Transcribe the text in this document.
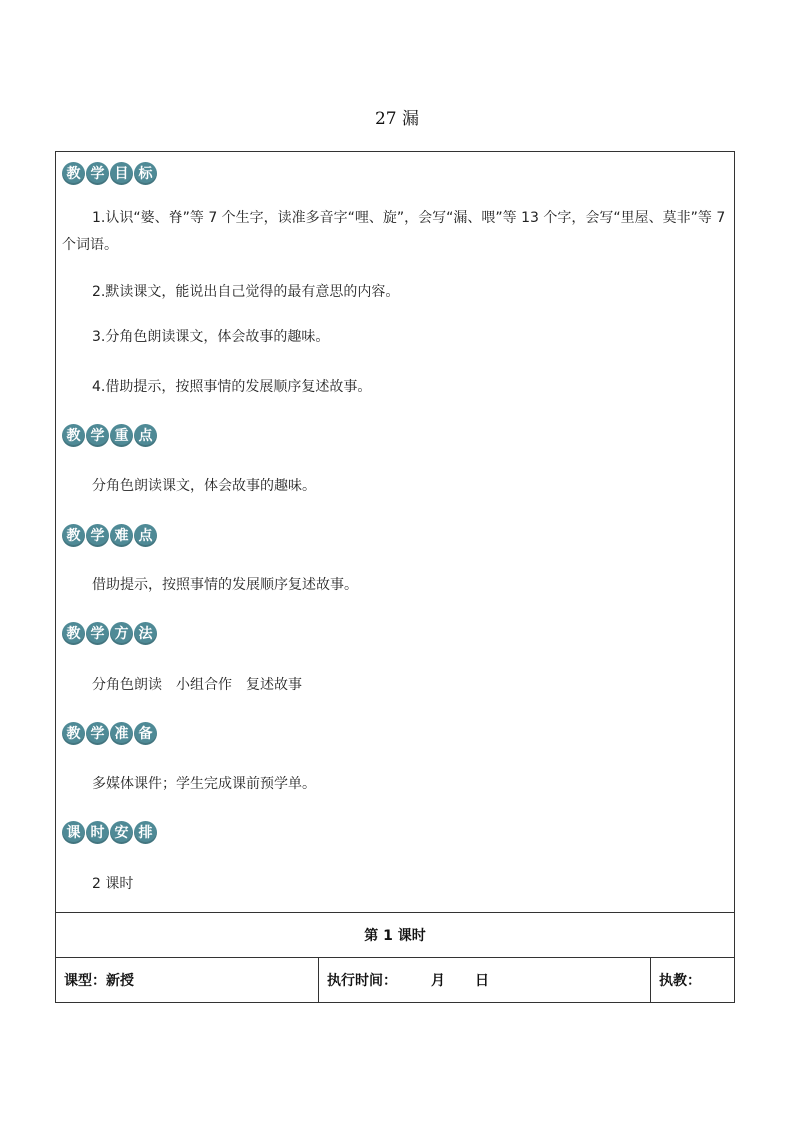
27 漏
教 学 目 标
1.认识“婆、脊”等 7 个生字，读准多音字“哩、旋”，会写“漏、喂”等 13 个字，会写“里屋、莫非”等 7 个词语。
2.默读课文，能说出自己觉得的最有意思的内容。
3.分角色朗读课文，体会故事的趣味。
4.借助提示，按照事情的发展顺序复述故事。
教 学 重 点
分角色朗读课文，体会故事的趣味。
教 学 难 点
借助提示，按照事情的发展顺序复述故事。
教 学 方 法
分角色朗读　小组合作　复述故事
教 学 准 备
多媒体课件；学生完成课前预学单。
课 时 安 排
2 课时
第 1 课时
课型：新授	执行时间： 月 日	执教：
